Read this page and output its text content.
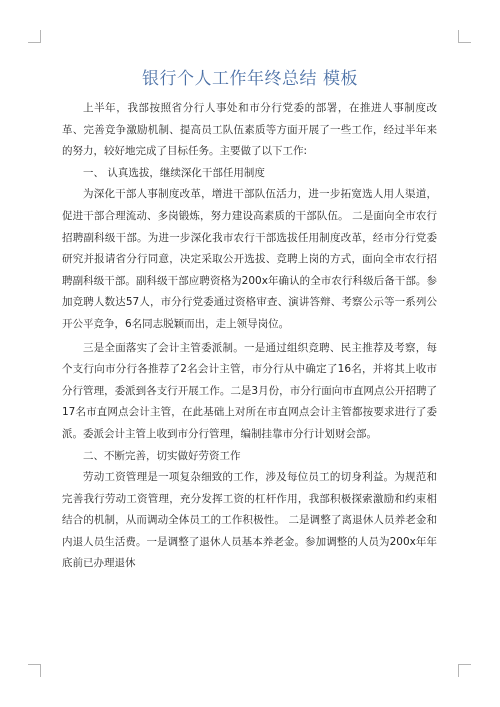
银行个人工作年终总结 模板

上半年，我部按照省分行人事处和市分行党委的部署，在推进人事制度改革、完善竞争激励机制、提高员工队伍素质等方面开展了一些工作，经过半年来的努力，较好地完成了目标任务。主要做了以下工作:

一、 认真选拔，继续深化干部任用制度

为深化干部人事制度改革，增进干部队伍活力，进一步拓宽选人用人渠道，促进干部合理流动、多岗锻炼，努力建设高素质的干部队伍。 二是面向全市农行招聘副科级干部。为进一步深化我市农行干部选拔任用制度改革，经市分行党委研究并报请省分行同意，决定采取公开选拔、竞聘上岗的方式，面向全市农行招聘副科级干部。副科级干部应聘资格为200x年确认的全市农行科级后备干部。参加竞聘人数达57人，市分行党委通过资格审查、演讲答辩、考察公示等一系列公开公平竞争，6名同志脱颖而出，走上领导岗位。

三是全面落实了会计主管委派制。一是通过组织竞聘、民主推荐及考察，每个支行向市分行各推荐了2名会计主管，市分行从中确定了16名，并将其上收市分行管理，委派到各支行开展工作。二是3月份，市分行面向市直网点公开招聘了17名市直网点会计主管，在此基础上对所在市直网点会计主管都按要求进行了委派。委派会计主管上收到市分行管理，编制挂靠市分行计划财会部。

二、不断完善，切实做好劳资工作

劳动工资管理是一项复杂细致的工作，涉及每位员工的切身利益。为规范和完善我行劳动工资管理，充分发挥工资的杠杆作用，我部积极探索激励和约束相结合的机制，从而调动全体员工的工作积极性。 二是调整了离退休人员养老金和内退人员生活费。一是调整了退休人员基本养老金。参加调整的人员为200x年年底前已办理退休
